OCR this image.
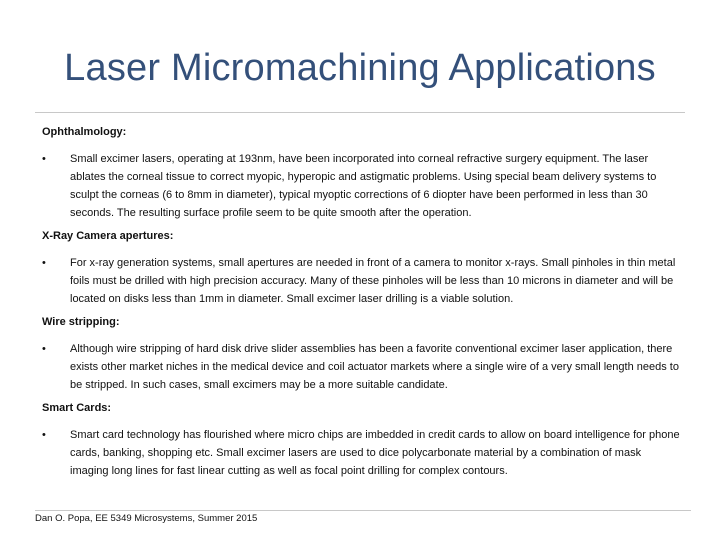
Laser Micromachining Applications

Ophthalmology:

•	Small excimer lasers, operating at 193nm, have been incorporated into corneal refractive surgery equipment. The laser ablates the corneal tissue to correct myopic, hyperopic and astigmatic problems. Using special beam delivery systems to sculpt the corneas (6 to 8mm in diameter), typical myoptic corrections of 6 diopter have been performed in less than 30 seconds. The resulting surface profile seem to be quite smooth after the operation.

X-Ray Camera apertures:

•	For x-ray generation systems, small apertures are needed in front of a camera to monitor x-rays. Small pinholes in thin metal foils must be drilled with high precision accuracy. Many of these pinholes will be less than 10 microns in diameter and will be located on disks less than 1mm in diameter. Small excimer laser drilling is a viable solution.

Wire stripping:

•	Although wire stripping of hard disk drive slider assemblies has been a favorite conventional excimer laser application, there exists other market niches in the medical device and coil actuator markets where a single wire of a very small length needs to be stripped. In such cases, small excimers may be a more suitable candidate.

Smart Cards:

•	Smart card technology has flourished where micro chips are imbedded in credit cards to allow on board intelligence for phone cards, banking, shopping etc. Small excimer lasers are used to dice polycarbonate material by a combination of mask imaging long lines for fast linear cutting as well as focal point drilling for complex contours.

Dan O. Popa, EE 5349 Microsystems, Summer 2015
